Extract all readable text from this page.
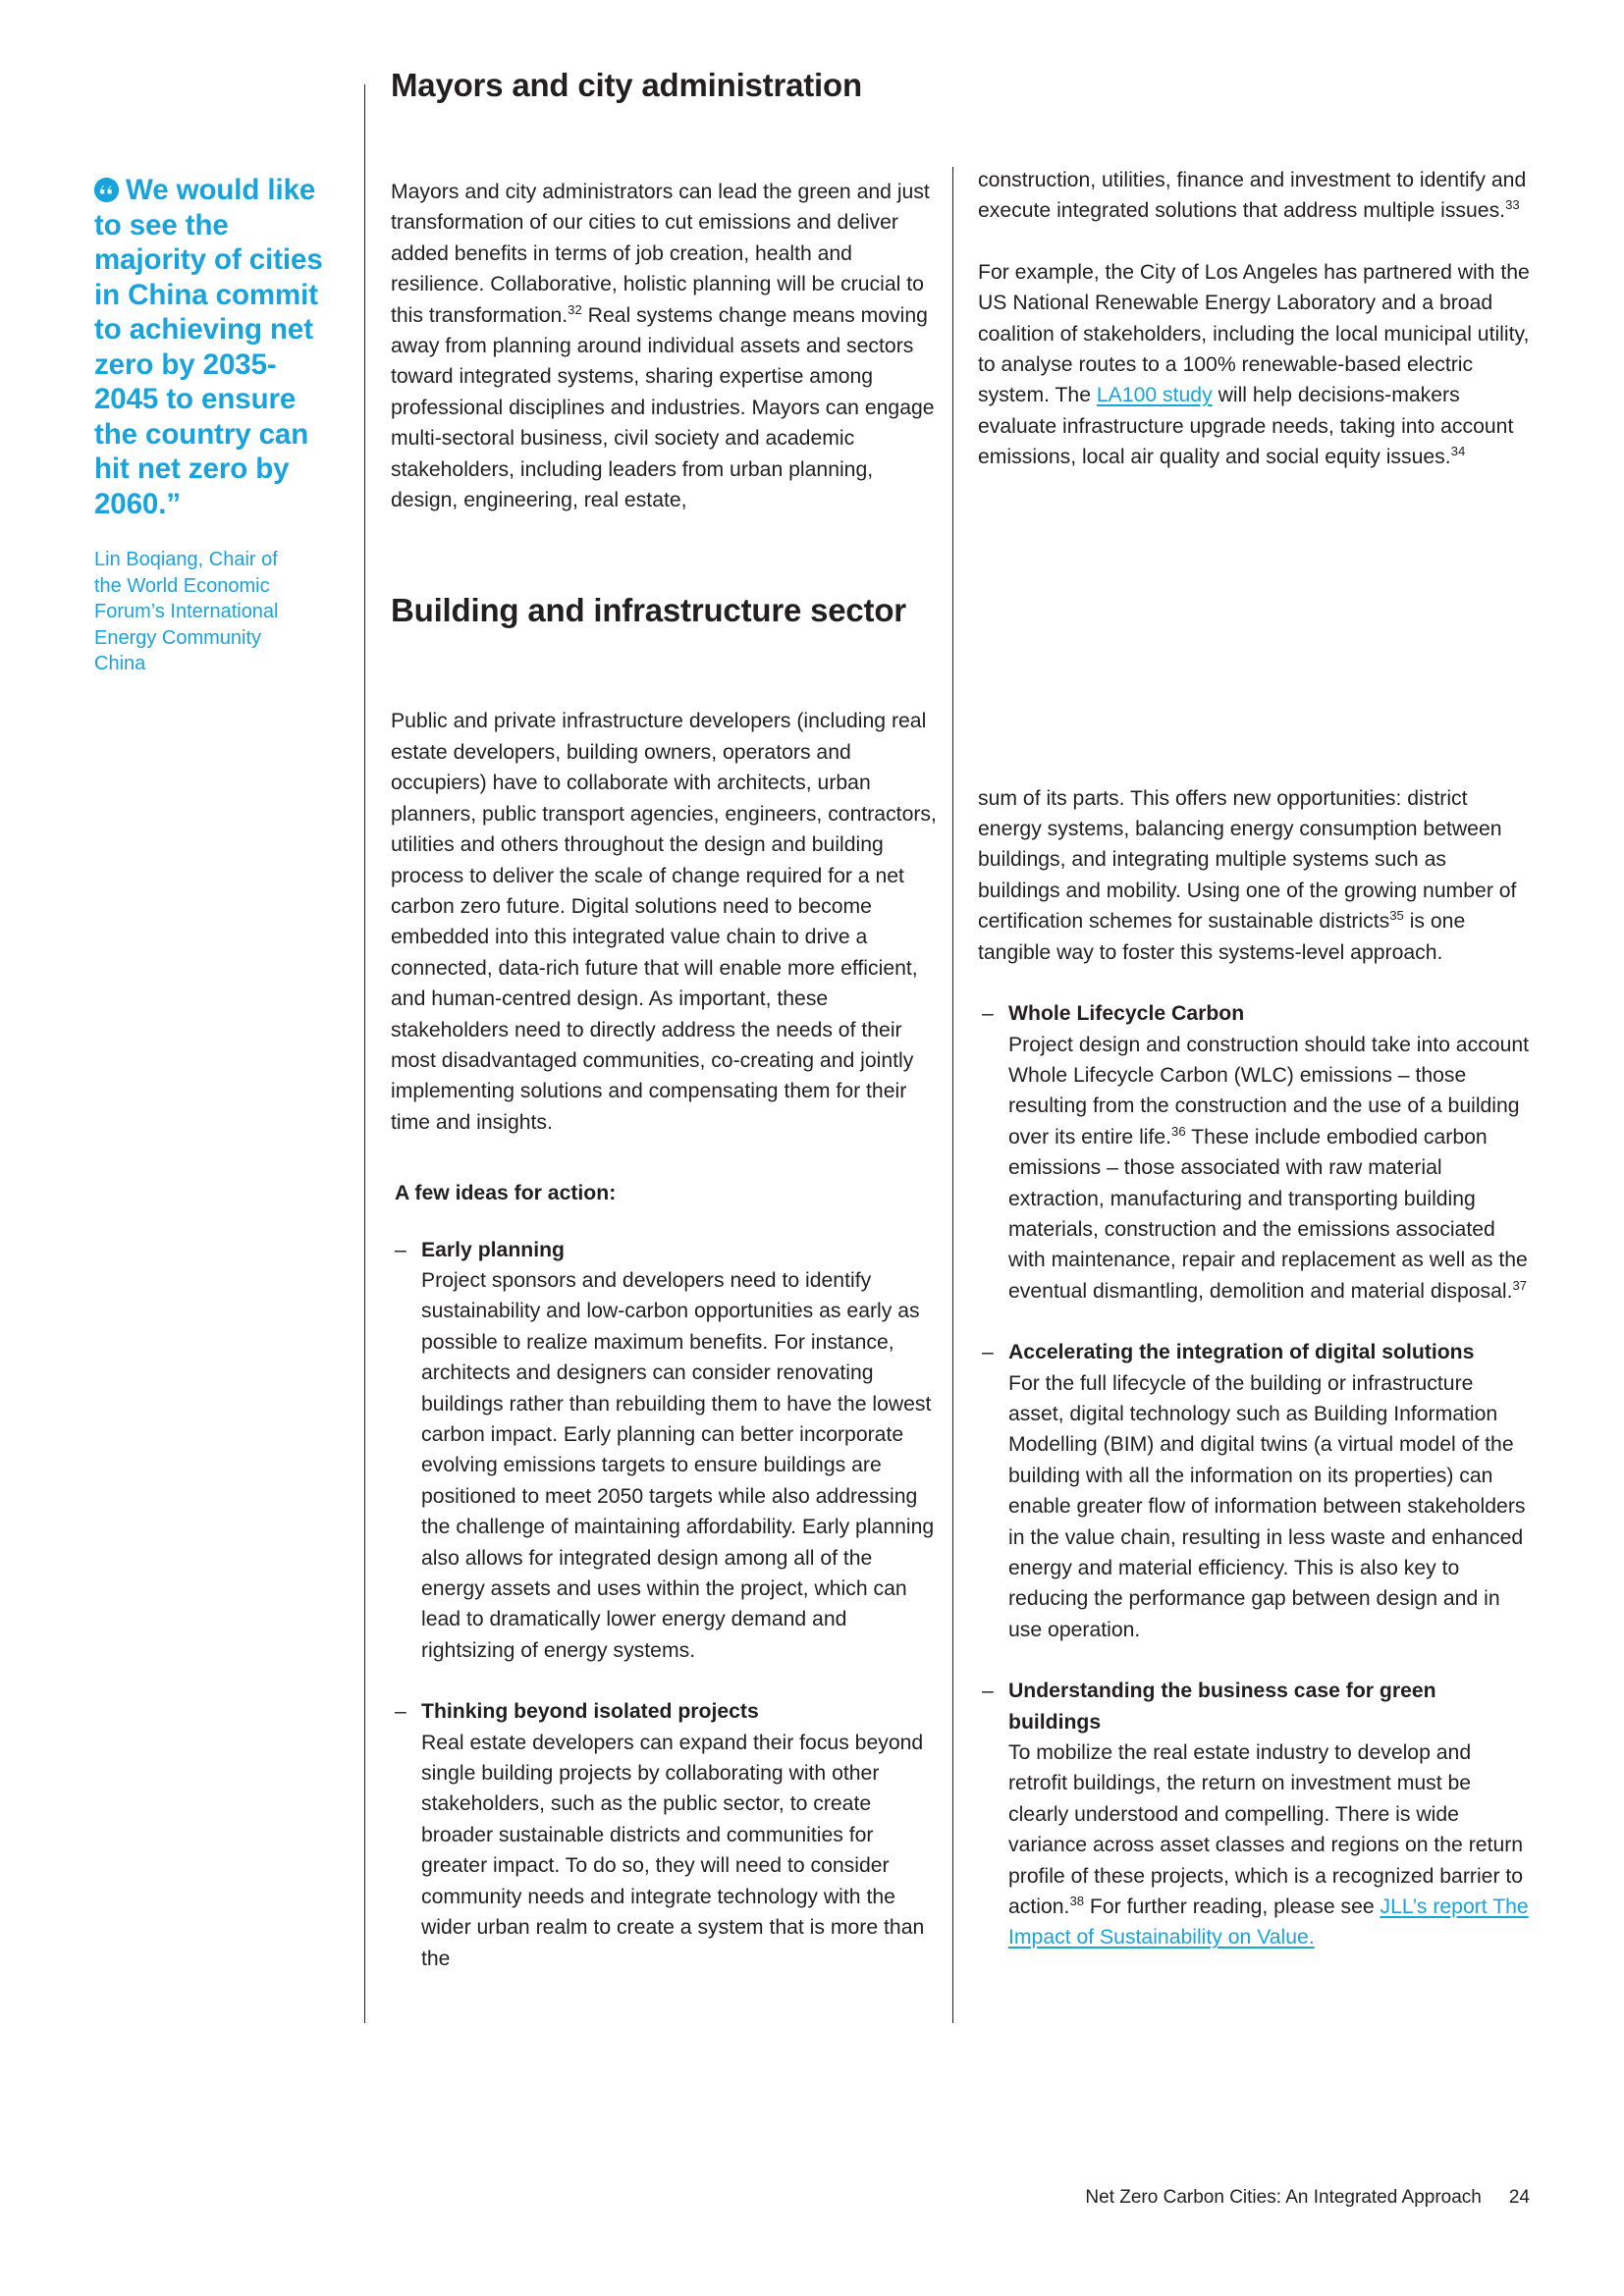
We would like to see the majority of cities in China commit to achieving net zero by 2035-2045 to ensure the country can hit net zero by 2060.”

Lin Boqiang, Chair of the World Economic Forum’s International Energy Community China

Mayors and city administration

Mayors and city administrators can lead the green and just transformation of our cities to cut emissions and deliver added benefits in terms of job creation, health and resilience. Collaborative, holistic planning will be crucial to this transformation.$^{32}$ Real systems change means moving away from planning around individual assets and sectors toward integrated systems, sharing expertise among professional disciplines and industries. Mayors can engage multi-sectoral business, civil society and academic stakeholders, including leaders from urban planning, design, engineering, real estate,

Building and infrastructure sector

Public and private infrastructure developers (including real estate developers, building owners, operators and occupiers) have to collaborate with architects, urban planners, public transport agencies, engineers, contractors, utilities and others throughout the design and building process to deliver the scale of change required for a net carbon zero future. Digital solutions need to become embedded into this integrated value chain to drive a connected, data-rich future that will enable more efficient, and human-centred design. As important, these stakeholders need to directly address the needs of their most disadvantaged communities, co-creating and jointly implementing solutions and compensating them for their time and insights.

A few ideas for action:

– Early planning

Project sponsors and developers need to identify sustainability and low-carbon opportunities as early as possible to realize maximum benefits. For instance, architects and designers can consider renovating buildings rather than rebuilding them to have the lowest carbon impact. Early planning can better incorporate evolving emissions targets to ensure buildings are positioned to meet 2050 targets while also addressing the challenge of maintaining affordability. Early planning also allows for integrated design among all of the energy assets and uses within the project, which can lead to dramatically lower energy demand and rightsizing of energy systems.

– Thinking beyond isolated projects

Real estate developers can expand their focus beyond single building projects by collaborating with other stakeholders, such as the public sector, to create broader sustainable districts and communities for greater impact. To do so, they will need to consider community needs and integrate technology with the wider urban realm to create a system that is more than the

construction, utilities, finance and investment to identify and execute integrated solutions that address multiple issues.$^{33}$

For example, the City of Los Angeles has partnered with the US National Renewable Energy Laboratory and a broad coalition of stakeholders, including the local municipal utility, to analyse routes to a 100% renewable-based electric system. The LA100 study will help decisions-makers evaluate infrastructure upgrade needs, taking into account emissions, local air quality and social equity issues.$^{34}$

sum of its parts. This offers new opportunities: district energy systems, balancing energy consumption between buildings, and integrating multiple systems such as buildings and mobility. Using one of the growing number of certification schemes for sustainable districts$^{35}$ is one tangible way to foster this systems-level approach.

– Whole Lifecycle Carbon

Project design and construction should take into account Whole Lifecycle Carbon (WLC) emissions – those resulting from the construction and the use of a building over its entire life.$^{36}$ These include embodied carbon emissions – those associated with raw material extraction, manufacturing and transporting building materials, construction and the emissions associated with maintenance, repair and replacement as well as the eventual dismantling, demolition and material disposal.$^{37}$

– Accelerating the integration of digital solutions

For the full lifecycle of the building or infrastructure asset, digital technology such as Building Information Modelling (BIM) and digital twins (a virtual model of the building with all the information on its properties) can enable greater flow of information between stakeholders in the value chain, resulting in less waste and enhanced energy and material efficiency. This is also key to reducing the performance gap between design and in use operation.

– Understanding the business case for green buildings

To mobilize the real estate industry to develop and retrofit buildings, the return on investment must be clearly understood and compelling. There is wide variance across asset classes and regions on the return profile of these projects, which is a recognized barrier to action.$^{38}$ For further reading, please see JLL’s report The Impact of Sustainability on Value.

Net Zero Carbon Cities: An Integrated Approach 24
